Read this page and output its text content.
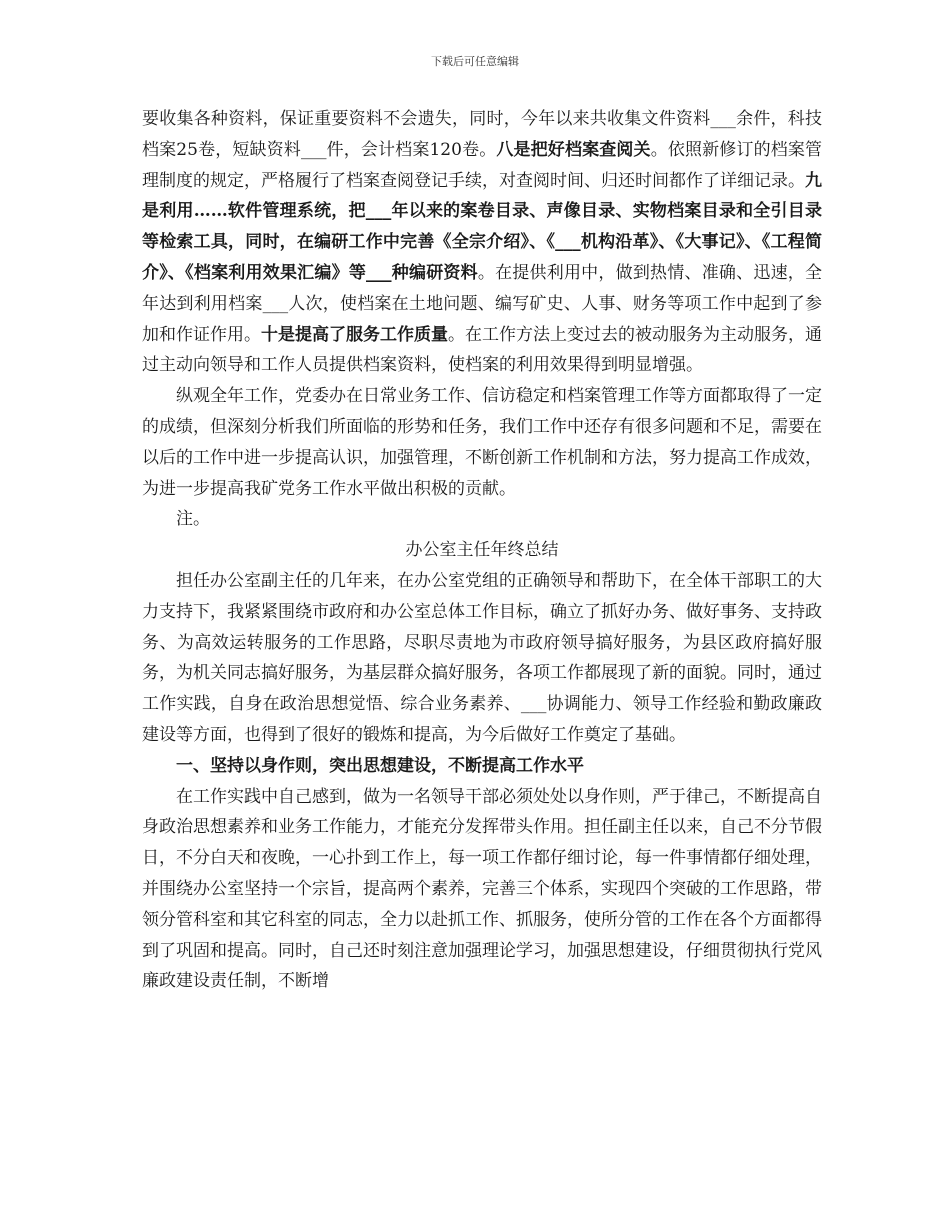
下载后可任意编辑

要收集各种资料，保证重要资料不会遗失，同时，今年以来共收集文件资料___余件，科技档案25卷，短缺资料___件，会计档案120卷。八是把好档案查阅关。依照新修订的档案管理制度的规定，严格履行了档案查阅登记手续，对查阅时间、归还时间都作了详细记录。九是利用……软件管理系统，把___年以来的案卷目录、声像目录、实物档案目录和全引目录等检索工具，同时，在编研工作中完善《全宗介绍》、《___机构沿革》、《大事记》、《工程简介》、《档案利用效果汇编》等___种编研资料。在提供利用中，做到热情、准确、迅速，全年达到利用档案___人次，使档案在土地问题、编写矿史、人事、财务等项工作中起到了参加和作证作用。十是提高了服务工作质量。在工作方法上变过去的被动服务为主动服务，通过主动向领导和工作人员提供档案资料，使档案的利用效果得到明显增强。

纵观全年工作，党委办在日常业务工作、信访稳定和档案管理工作等方面都取得了一定的成绩，但深刻分析我们所面临的形势和任务，我们工作中还存有很多问题和不足，需要在以后的工作中进一步提高认识，加强管理，不断创新工作机制和方法，努力提高工作成效，为进一步提高我矿党务工作水平做出积极的贡献。

注。

办公室主任年终总结

担任办公室副主任的几年来，在办公室党组的正确领导和帮助下，在全体干部职工的大力支持下，我紧紧围绕市政府和办公室总体工作目标，确立了抓好办务、做好事务、支持政务、为高效运转服务的工作思路，尽职尽责地为市政府领导搞好服务，为县区政府搞好服务，为机关同志搞好服务，为基层群众搞好服务，各项工作都展现了新的面貌。同时，通过工作实践，自身在政治思想觉悟、综合业务素养、___协调能力、领导工作经验和勤政廉政建设等方面，也得到了很好的锻炼和提高，为今后做好工作奠定了基础。

一、坚持以身作则，突出思想建设，不断提高工作水平

在工作实践中自己感到，做为一名领导干部必须处处以身作则，严于律己，不断提高自身政治思想素养和业务工作能力，才能充分发挥带头作用。担任副主任以来，自己不分节假日，不分白天和夜晚，一心扑到工作上，每一项工作都仔细讨论，每一件事情都仔细处理，并围绕办公室坚持一个宗旨，提高两个素养，完善三个体系，实现四个突破的工作思路，带领分管科室和其它科室的同志，全力以赴抓工作、抓服务，使所分管的工作在各个方面都得到了巩固和提高。同时，自己还时刻注意加强理论学习，加强思想建设，仔细贯彻执行党风廉政建设责任制，不断增
